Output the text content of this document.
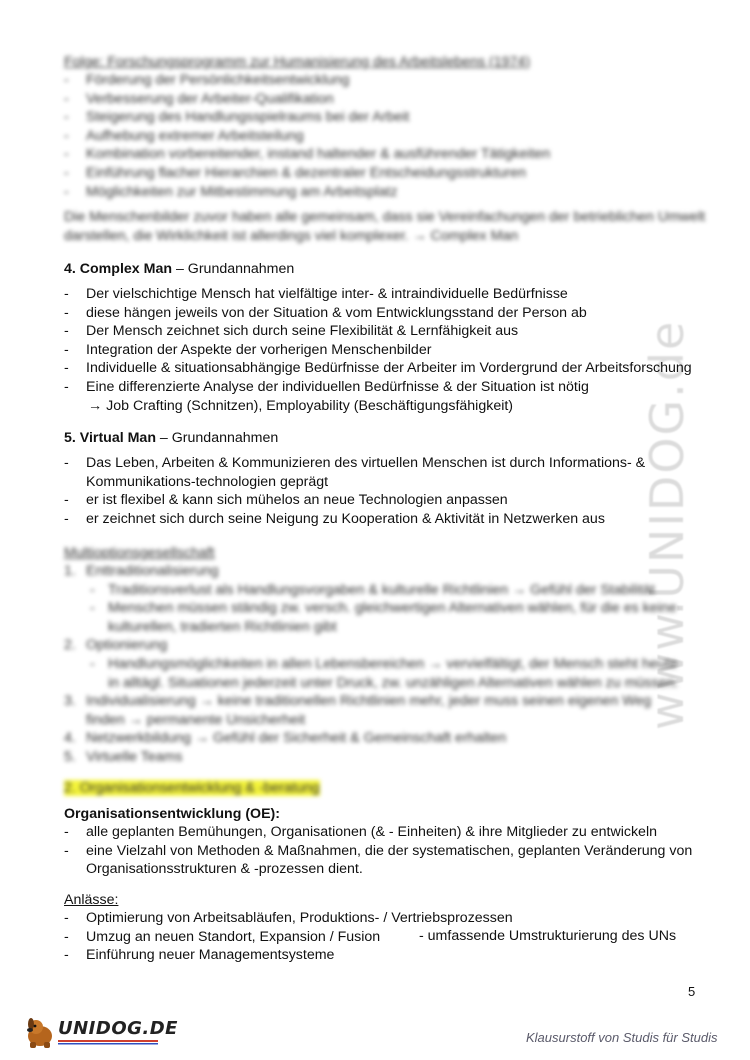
www.UNIDOG.de
Folge: Forschungsprogramm zur Humanisierung des Arbeitslebens (1974)
- Förderung der Persönlichkeitsentwicklung
- Verbesserung der Arbeiter-Qualifikation
- Steigerung des Handlungsspielraums bei der Arbeit
- Aufhebung extremer Arbeitsteilung
- Kombination vorbereitender, instand haltender & ausführender Tätigkeiten
- Einführung flacher Hierarchien & dezentraler Entscheidungsstrukturen
- Möglichkeiten zur Mitbestimmung am Arbeitsplatz
Die Menschenbilder zuvor haben alle gemeinsam, dass sie Vereinfachungen der betrieblichen Umwelt
darstellen, die Wirklichkeit ist allerdings viel komplexer. → Complex Man
4. Complex Man – Grundannahmen
- Der vielschichtige Mensch hat vielfältige inter- & intraindividuelle Bedürfnisse
- diese hängen jeweils von der Situation & vom Entwicklungsstand der Person ab
- Der Mensch zeichnet sich durch seine Flexibilität & Lernfähigkeit aus
- Integration der Aspekte der vorherigen Menschenbilder
- Individuelle & situationsabhängige Bedürfnisse der Arbeiter im Vordergrund der Arbeitsforschung
- Eine differenzierte Analyse der individuellen Bedürfnisse & der Situation ist nötig
→ Job Crafting (Schnitzen), Employability (Beschäftigungsfähigkeit)
5. Virtual Man – Grundannahmen
- Das Leben, Arbeiten & Kommunizieren des virtuellen Menschen ist durch Informations- & Kommunikations-technologien geprägt
- er ist flexibel & kann sich mühelos an neue Technologien anpassen
- er zeichnet sich durch seine Neigung zu Kooperation & Aktivität in Netzwerken aus
Multioptionsgesellschaft
1. Enttraditionalisierung
- Traditionsverlust als Handlungsvorgaben & kulturelle Richtlinien → Gefühl der Stabilität
- Menschen müssen ständig zw. versch. gleichwertigen Alternativen wählen, für die es keine kulturellen, tradierten Richtlinien gibt
2. Optionierung
- Handlungsmöglichkeiten in allen Lebensbereichen → vervielfältigt, der Mensch steht heute in alltägl. Situationen jederzeit unter Druck, zw. unzähligen Alternativen wählen zu müssen.
3. Individualisierung → keine traditionellen Richtlinien mehr, jeder muss seinen eigenen Weg finden → permanente Unsicherheit
4. Netzwerkbildung → Gefühl der Sicherheit & Gemeinschaft erhalten
5. Virtuelle Teams
2. Organisationsentwicklung & -beratung
Organisationsentwicklung (OE):
- alle geplanten Bemühungen, Organisationen (& - Einheiten) & ihre Mitglieder zu entwickeln
- eine Vielzahl von Methoden & Maßnahmen, die der systematischen, geplanten Veränderung von Organisationsstrukturen & -prozessen dient.
Anlässe:
- Optimierung von Arbeitsabläufen, Produktions- / Vertriebsprozessen
- Umzug an neuen Standort, Expansion / Fusion
- Einführung neuer Managementsysteme
- umfassende Umstrukturierung des UNs
5
UNIDOG.DE	Klausurstoff von Studis für Studis
